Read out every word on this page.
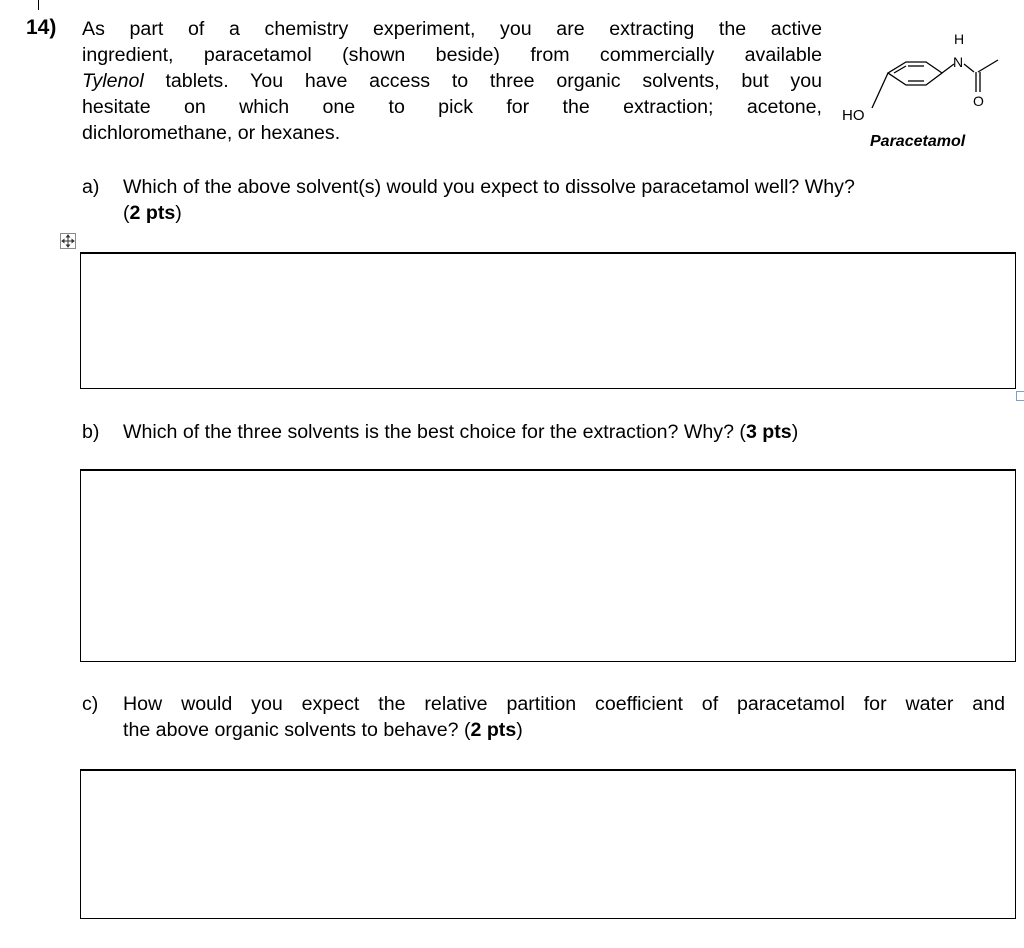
14) As part of a chemistry experiment, you are extracting the active

ingredient, paracetamol (shown beside) from commercially available

Tylenol tablets. You have access to three organic solvents, but you

hesitate on which one to pick for the extraction; acetone,

dichloromethane, or hexanes.

HO
H
N
O
Paracetamol
a) Which of the above solvent(s) would you expect to dissolve paracetamol well? Why?
(2 pts)
b) Which of the three solvents is the best choice for the extraction? Why? (3 pts)
c) How would you expect the relative partition coefficient of paracetamol for water and
the above organic solvents to behave? (2 pts)
